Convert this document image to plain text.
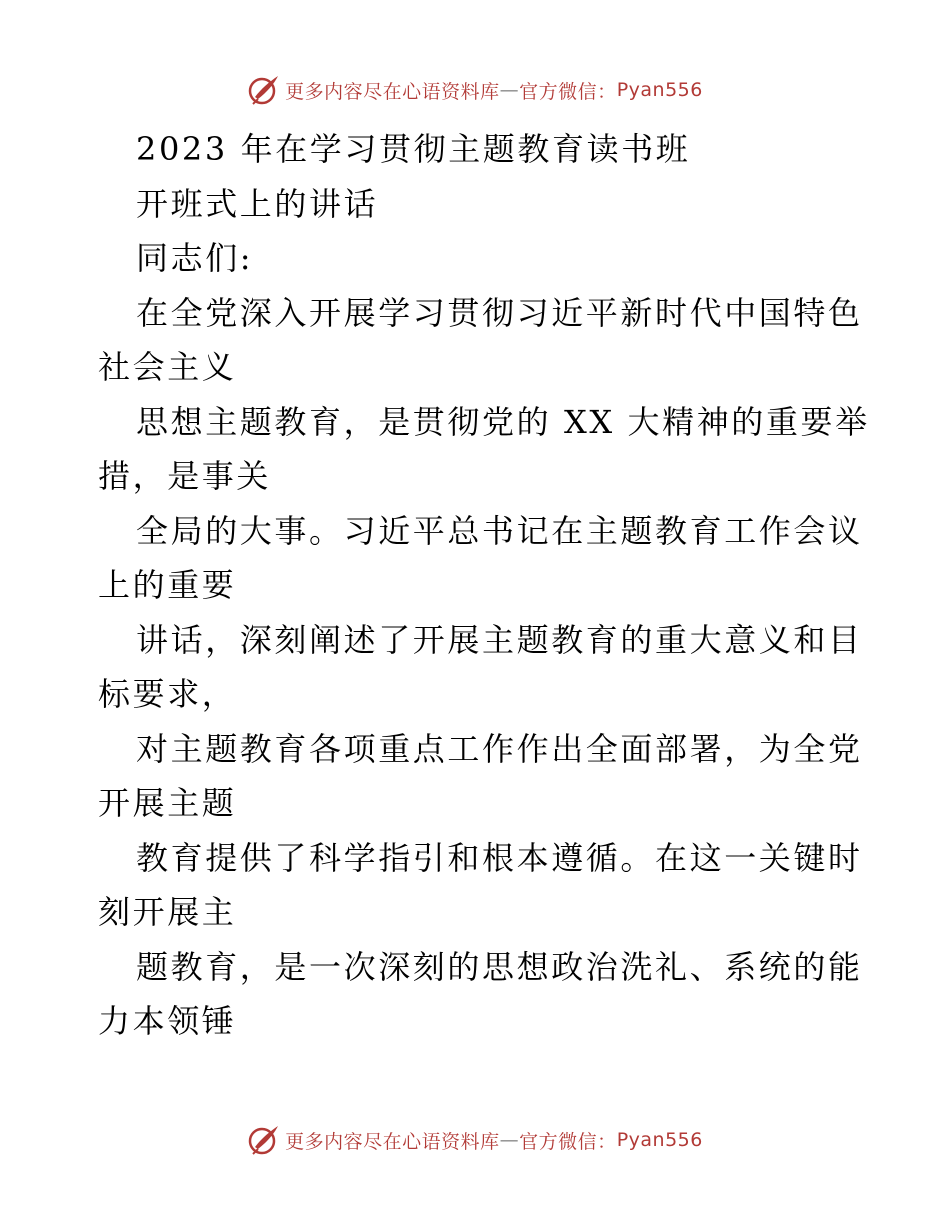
更多内容尽在心语资料库 — 官方微信： Pyan556
2023 年在学习贯彻主题教育读书班
开班式上的讲话
同志们:
在全党深入开展学习贯彻习近平新时代中国特色
社会主义
思想主题教育，是贯彻党的 XX 大精神的重要举
措，是事关
全局的大事。习近平总书记在主题教育工作会议
上的重要
讲话，深刻阐述了开展主题教育的重大意义和目
标要求，
对主题教育各项重点工作作出全面部署，为全党
开展主题
教育提供了科学指引和根本遵循。在这一关键时
刻开展主
题教育，是一次深刻的思想政治洗礼、系统的能
力本领锤
更多内容尽在心语资料库 — 官方微信： Pyan556
